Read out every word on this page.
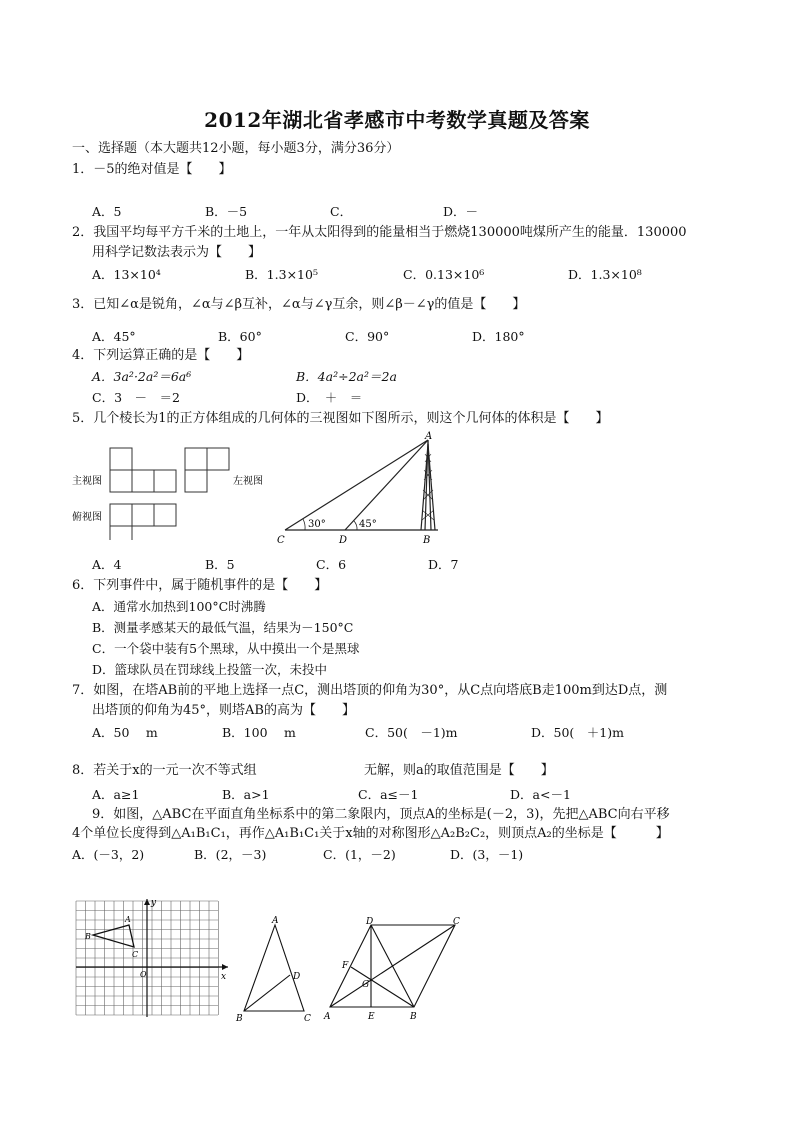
2012年湖北省孝感市中考数学真题及答案
一、选择题（本大题共12小题，每小题3分，满分36分）
1．－5的绝对值是【　　】
A．5	B．－5	C．	D．－
2．我国平均每平方千米的土地上，一年从太阳得到的能量相当于燃烧130000吨煤所产生的能量．130000
用科学记数法表示为【　　】
A．13×10⁴	B．1.3×10⁵	C．0.13×10⁶	D．1.3×10⁸
3．已知∠α是锐角，∠α与∠β互补，∠α与∠γ互余，则∠β－∠γ的值是【　　】
A．45°	B．60°	C．90°	D．180°
4．下列运算正确的是【　　】
A．3a²·2a²＝6a⁶	B．4a²÷2a²＝2a
C．3　－　＝2	D．　＋　＝
5．几个棱长为1的正方体组成的几何体的三视图如下图所示，则这个几何体的体积是【　　】
主视图	左视图
俯视图
A
B
C	D
30°	45°
A．4	B．5	C．6	D．7
6．下列事件中，属于随机事件的是【　　】
A．通常水加热到100°C时沸腾
B．测量孝感某天的最低气温，结果为－150°C
C．一个袋中装有5个黑球，从中摸出一个是黑球
D．篮球队员在罚球线上投篮一次，未投中
7．如图，在塔AB前的平地上选择一点C，测出塔顶的仰角为30°，从C点向塔底B走100m到达D点，测
出塔顶的仰角为45°，则塔AB的高为【　　】
A．50　 m	B．100　 m	C．50(　－1)m	D．50(　＋1)m
8．若关于x的一元一次不等式组	无解，则a的取值范围是【　　】
A．a≥1	B．a>1	C．a≤－1	D．a<－1
9．如图，△ABC在平面直角坐标系中的第二象限内，顶点A的坐标是(－2，3)，先把△ABC向右平移
4个单位长度得到△A₁B₁C₁，再作△A₁B₁C₁关于x轴的对称图形△A₂B₂C₂，则顶点A₂的坐标是【　　　】
A．(－3，2)	B．(2，－3)	C．(1，－2)	D．(3，－1)
y
x
O
A
B
C
A
B	C
D
D	C
A	B
E
F
G
